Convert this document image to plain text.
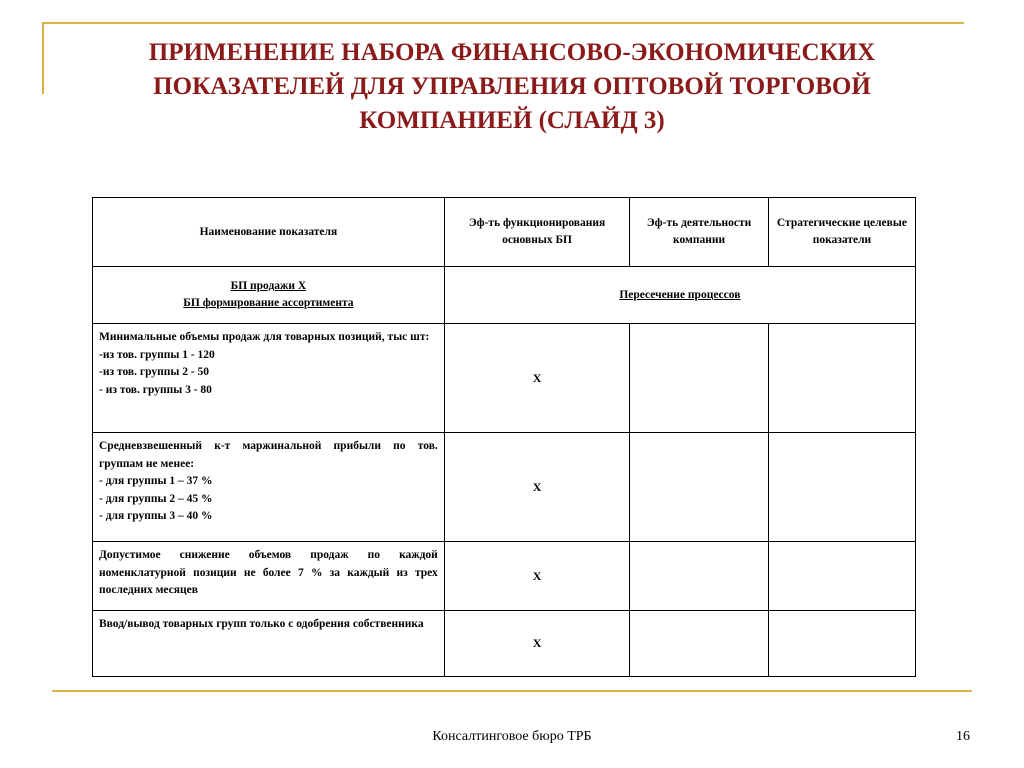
ПРИМЕНЕНИЕ НАБОРА ФИНАНСОВО-ЭКОНОМИЧЕСКИХ
ПОКАЗАТЕЛЕЙ ДЛЯ УПРАВЛЕНИЯ ОПТОВОЙ ТОРГОВОЙ
КОМПАНИЕЙ (СЛАЙД 3)
Наименование показателя	Эф-ть функционирования основных БП	Эф-ть деятельности компании	Стратегические целевые показатели

БП продажи Х
БП формирование ассортимента	Пересечение процессов		

Минимальные объемы продаж для товарных позиций, тыс шт:
-из тов. группы 1 - 120
-из тов. группы 2 - 50
- из тов. группы 3 - 80	Х		

Средневзвешенный к-т маржинальной прибыли по тов. группам не менее:
- для группы 1 – 37 %
- для группы 2 – 45 %
- для группы 3 – 40 %	Х		

Допустимое снижение объемов продаж по каждой номенклатурной позиции не более 7 % за каждый из трех последних месяцев	Х		

Ввод/вывод товарных групп только с одобрения собственника	Х		
Консалтинговое бюро ТРБ	16
